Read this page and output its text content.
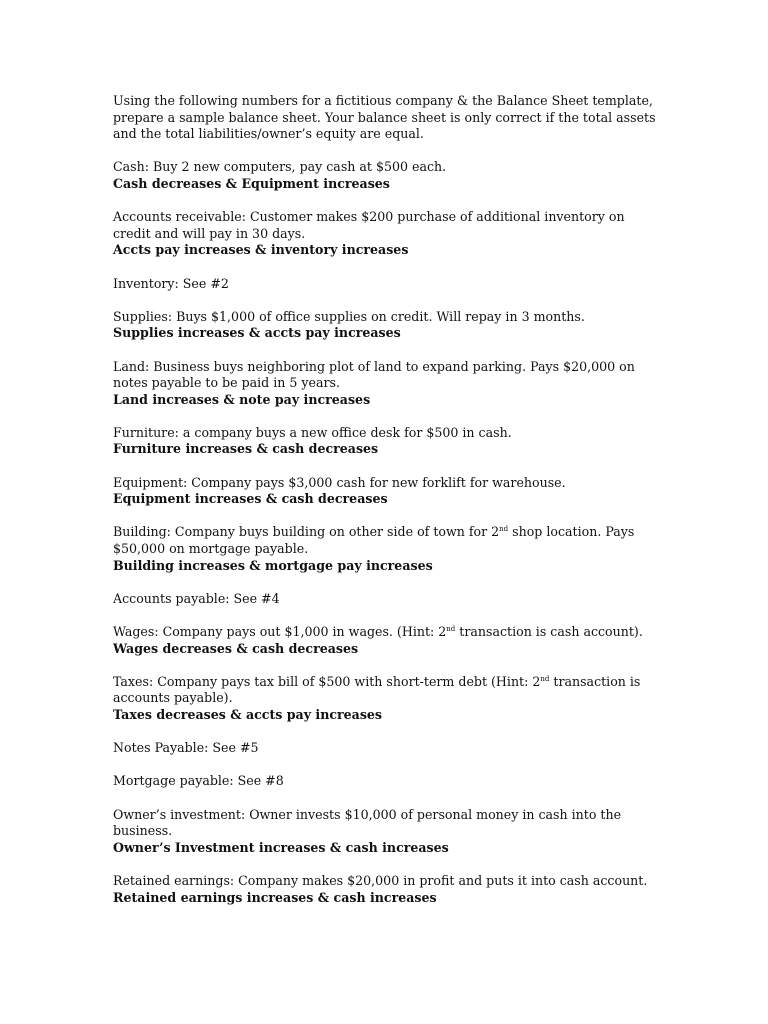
Using the following numbers for a fictitious company & the Balance Sheet template, prepare a sample balance sheet. Your balance sheet is only correct if the total assets and the total liabilities/owner’s equity are equal.

Cash: Buy 2 new computers, pay cash at $500 each.

Cash decreases & Equipment increases

Accounts receivable: Customer makes $200 purchase of additional inventory on credit and will pay in 30 days.

Accts pay increases & inventory increases

Inventory: See #2

Supplies: Buys $1,000 of office supplies on credit. Will repay in 3 months.

Supplies increases & accts pay increases

Land: Business buys neighboring plot of land to expand parking. Pays $20,000 on notes payable to be paid in 5 years.

Land increases & note pay increases

Furniture: a company buys a new office desk for $500 in cash.

Furniture increases & cash decreases

Equipment: Company pays $3,000 cash for new forklift for warehouse.

Equipment increases & cash decreases

Building: Company buys building on other side of town for 2nd shop location. Pays $50,000 on mortgage payable.

Building increases & mortgage pay increases

Accounts payable: See #4

Wages: Company pays out $1,000 in wages. (Hint: 2nd transaction is cash account).

Wages decreases & cash decreases

Taxes: Company pays tax bill of $500 with short-term debt (Hint: 2nd transaction is accounts payable).

Taxes decreases & accts pay increases

Notes Payable: See #5

Mortgage payable: See #8

Owner’s investment: Owner invests $10,000 of personal money in cash into the business.

Owner’s Investment increases & cash increases

Retained earnings: Company makes $20,000 in profit and puts it into cash account.

Retained earnings increases & cash increases
